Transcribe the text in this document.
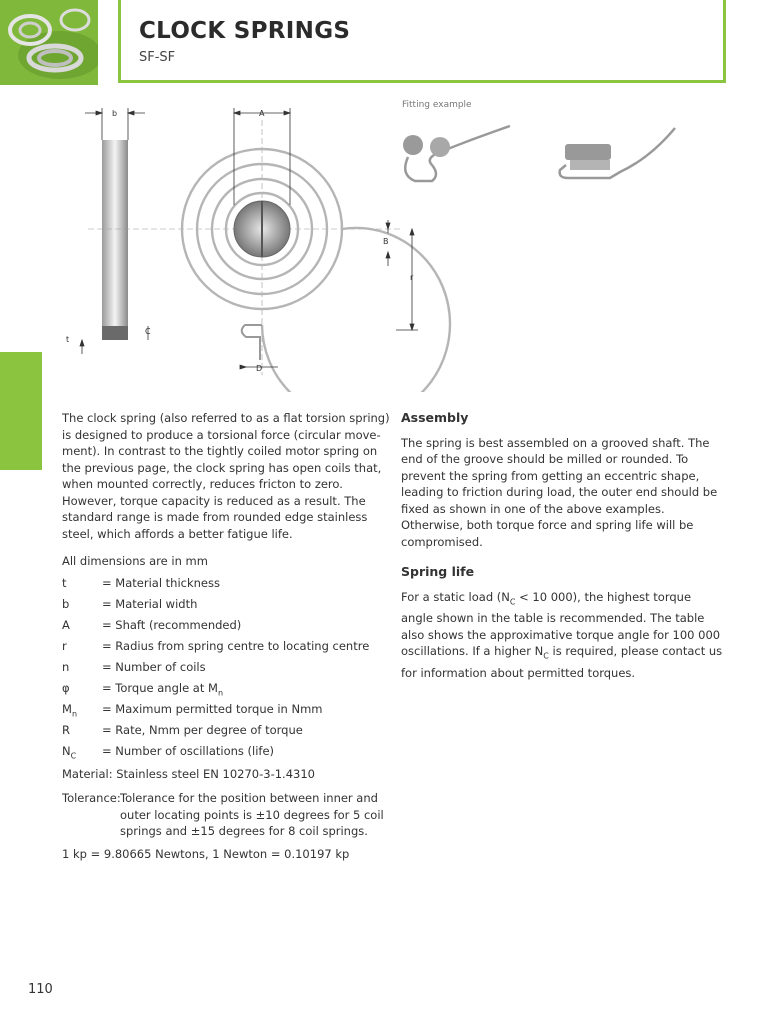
CLOCK SPRINGS
SF-SF
b	A
B
r
t
C
D
Fitting example

The clock spring (also referred to as a flat torsion spring) is designed to produce a torsional force (circular move-ment). In contrast to the tightly coiled motor spring on the previous page, the clock spring has open coils that, when mounted correctly, reduces fricton to zero. However, torque capacity is reduced as a result. The standard range is made from rounded edge stainless steel, which affords a better fatigue life.

All dimensions are in mm

t	= Material thickness
b	= Material width
A	= Shaft (recommended)
r	= Radius from spring centre to locating centre
n	= Number of coils
φ	= Torque angle at $M_n$
$M_n$	= Maximum permitted torque in Nmm
R	= Rate, Nmm per degree of torque
$N_C$	= Number of oscillations (life)

Material: Stainless steel EN 10270-3-1.4310

Tolerance: Tolerance for the position between inner and outer locating points is ±10 degrees for 5 coil springs and ±15 degrees for 8 coil springs.

1 kp = 9.80665 Newtons, 1 Newton = 0.10197 kp

Assembly

The spring is best assembled on a grooved shaft. The end of the groove should be milled or rounded. To prevent the spring from getting an eccentric shape, leading to friction during load, the outer end should be fixed as shown in one of the above examples. Otherwise, both torque force and spring life will be compromised.

Spring life

For a static load ($N_C < 10$ 000), the highest torque angle shown in the table is recommended. The table also shows the approximative torque angle for 100 000 oscillations. If a higher $N_C$ is required, please contact us for information about permitted torques.

110
